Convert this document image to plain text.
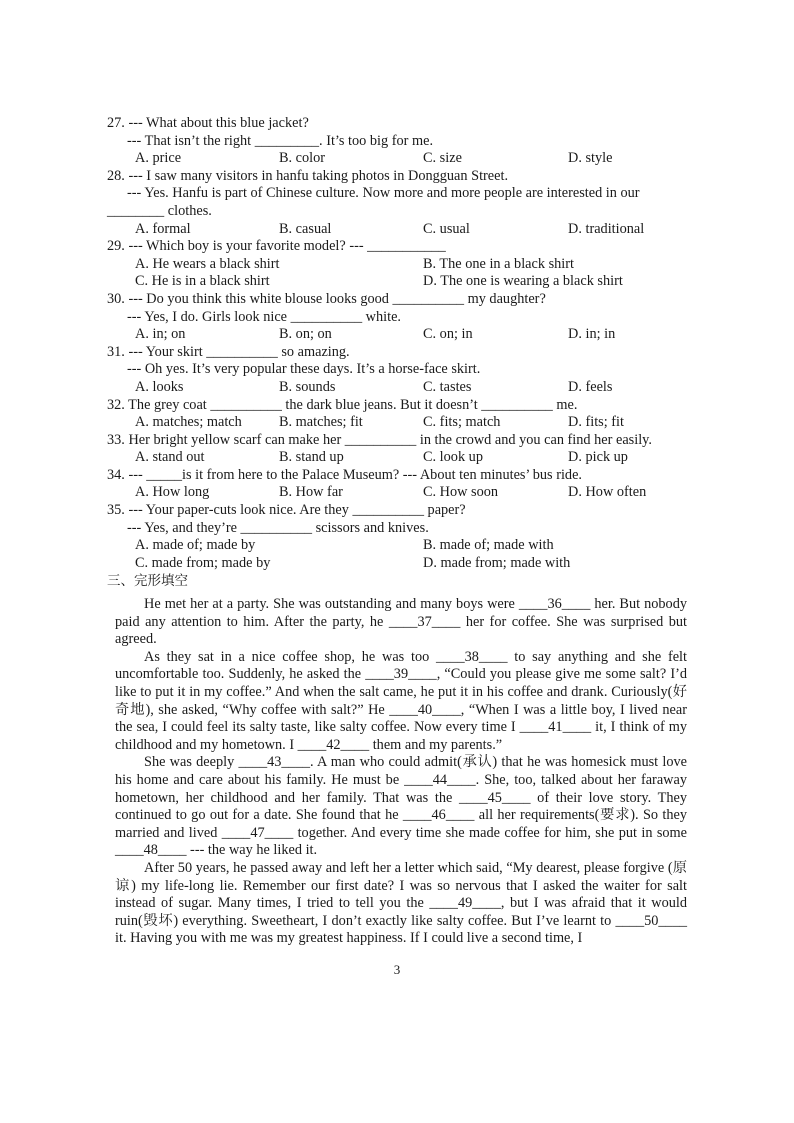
27. --- What about this blue jacket?
--- That isn’t the right _________. It’s too big for me.
A. price	B. color	C. size	D. style
28. --- I saw many visitors in hanfu taking photos in Dongguan Street.
--- Yes. Hanfu is part of Chinese culture. Now more and more people are interested in our ________ clothes.
A. formal	B. casual	C. usual	D. traditional
29. --- Which boy is your favorite model? --- ___________
A. He wears a black shirt	B. The one in a black shirt
C. He is in a black shirt	D. The one is wearing a black shirt
30. --- Do you think this white blouse looks good __________ my daughter?
--- Yes, I do. Girls look nice __________ white.
A. in; on	B. on; on	C. on; in	D. in; in
31. --- Your skirt __________ so amazing.
--- Oh yes. It’s very popular these days. It’s a horse-face skirt.
A. looks	B. sounds	C. tastes	D. feels
32. The grey coat __________ the dark blue jeans. But it doesn’t __________ me.
A. matches; match	B. matches; fit	C. fits; match	D. fits; fit
33. Her bright yellow scarf can make her __________ in the crowd and you can find her easily.
A. stand out	B. stand up	C. look up	D. pick up
34. --- _____is it from here to the Palace Museum? --- About ten minutes’ bus ride.
A. How long	B. How far	C. How soon	D. How often
35. --- Your paper-cuts look nice. Are they __________ paper?
--- Yes, and they’re __________ scissors and knives.
A. made of; made by	B. made of; made with
C. made from; made by	D. made from; made with
三、完形填空

He met her at a party. She was outstanding and many boys were ____36____ her. But nobody paid any attention to him. After the party, he ____37____ her for coffee. She was surprised but agreed.

As they sat in a nice coffee shop, he was too ____38____ to say anything and she felt uncomfortable too. Suddenly, he asked the ____39____, “Could you please give me some salt? I’d like to put it in my coffee.” And when the salt came, he put it in his coffee and drank. Curiously(好奇地), she asked, “Why coffee with salt?” He ____40____, “When I was a little boy, I lived near the sea, I could feel its salty taste, like salty coffee. Now every time I ____41____ it, I think of my childhood and my hometown. I ____42____ them and my parents.”

She was deeply ____43____. A man who could admit(承认) that he was homesick must love his home and care about his family. He must be ____44____. She, too, talked about her faraway hometown, her childhood and her family. That was the ____45____ of their love story. They continued to go out for a date. She found that he ____46____ all her requirements(要求). So they married and lived ____47____ together. And every time she made coffee for him, she put in some ____48____ --- the way he liked it.

After 50 years, he passed away and left her a letter which said, “My dearest, please forgive (原谅) my life-long lie. Remember our first date? I was so nervous that I asked the waiter for salt instead of sugar. Many times, I tried to tell you the ____49____, but I was afraid that it would ruin(毁坏) everything. Sweetheart, I don’t exactly like salty coffee. But I’ve learnt to ____50____ it. Having you with me was my greatest happiness. If I could live a second time, I

3
